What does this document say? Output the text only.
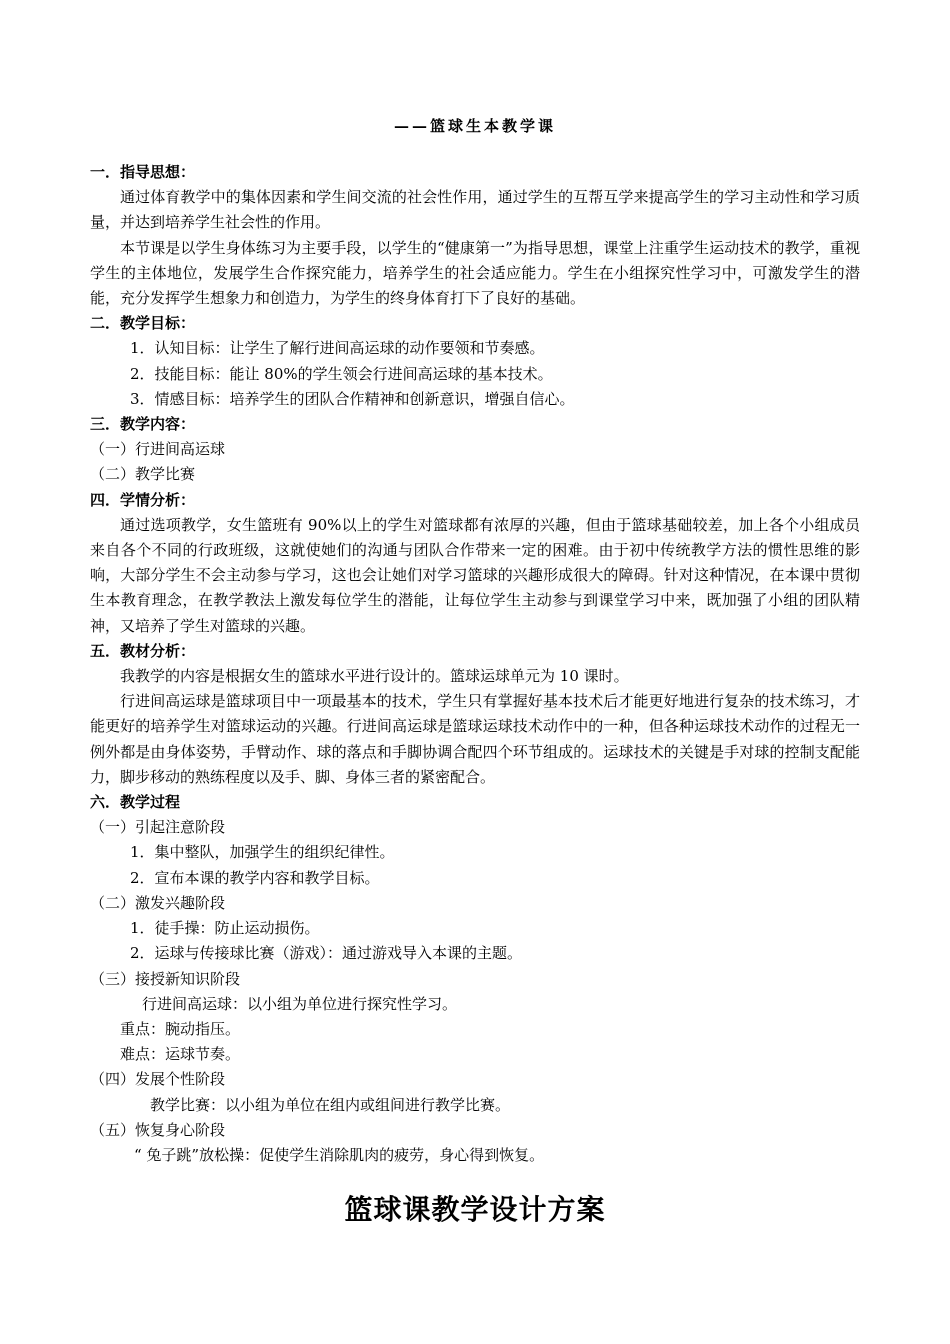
——篮球生本教学课

一．指导思想：

通过体育教学中的集体因素和学生间交流的社会性作用，通过学生的互帮互学来提高学生的学习主动性和学习质量，并达到培养学生社会性的作用。

本节课是以学生身体练习为主要手段，以学生的“健康第一”为指导思想，课堂上注重学生运动技术的教学，重视学生的主体地位，发展学生合作探究能力，培养学生的社会适应能力。学生在小组探究性学习中，可激发学生的潜能，充分发挥学生想象力和创造力，为学生的终身体育打下了良好的基础。

二．教学目标：

1．认知目标：让学生了解行进间高运球的动作要领和节奏感。

2．技能目标：能让 80%的学生领会行进间高运球的基本技术。

3．情感目标：培养学生的团队合作精神和创新意识，增强自信心。

三．教学内容：

（一）行进间高运球

（二）教学比赛

四．学情分析：

通过选项教学，女生篮班有 90%以上的学生对篮球都有浓厚的兴趣，但由于篮球基础较差，加上各个小组成员来自各个不同的行政班级，这就使她们的沟通与团队合作带来一定的困难。由于初中传统教学方法的惯性思维的影响，大部分学生不会主动参与学习，这也会让她们对学习篮球的兴趣形成很大的障碍。针对这种情况，在本课中贯彻生本教育理念，在教学教法上激发每位学生的潜能，让每位学生主动参与到课堂学习中来，既加强了小组的团队精神，又培养了学生对篮球的兴趣。

五．教材分析：

我教学的内容是根据女生的篮球水平进行设计的。篮球运球单元为 10 课时。

行进间高运球是篮球项目中一项最基本的技术，学生只有掌握好基本技术后才能更好地进行复杂的技术练习，才能更好的培养学生对篮球运动的兴趣。行进间高运球是篮球运球技术动作中的一种，但各种运球技术动作的过程无一例外都是由身体姿势，手臂动作、球的落点和手脚协调合配四个环节组成的。运球技术的关键是手对球的控制支配能力，脚步移动的熟练程度以及手、脚、身体三者的紧密配合。

六．教学过程

（一）引起注意阶段

1．集中整队，加强学生的组织纪律性。

2．宣布本课的教学内容和教学目标。

（二）激发兴趣阶段

1．徒手操：防止运动损伤。

2．运球与传接球比赛（游戏）：通过游戏导入本课的主题。

（三）接授新知识阶段

行进间高运球：以小组为单位进行探究性学习。

重点：腕动指压。

难点：运球节奏。

（四）发展个性阶段

教学比赛：以小组为单位在组内或组间进行教学比赛。

（五）恢复身心阶段

“ 兔子跳”放松操：促使学生消除肌肉的疲劳，身心得到恢复。

篮球课教学设计方案
